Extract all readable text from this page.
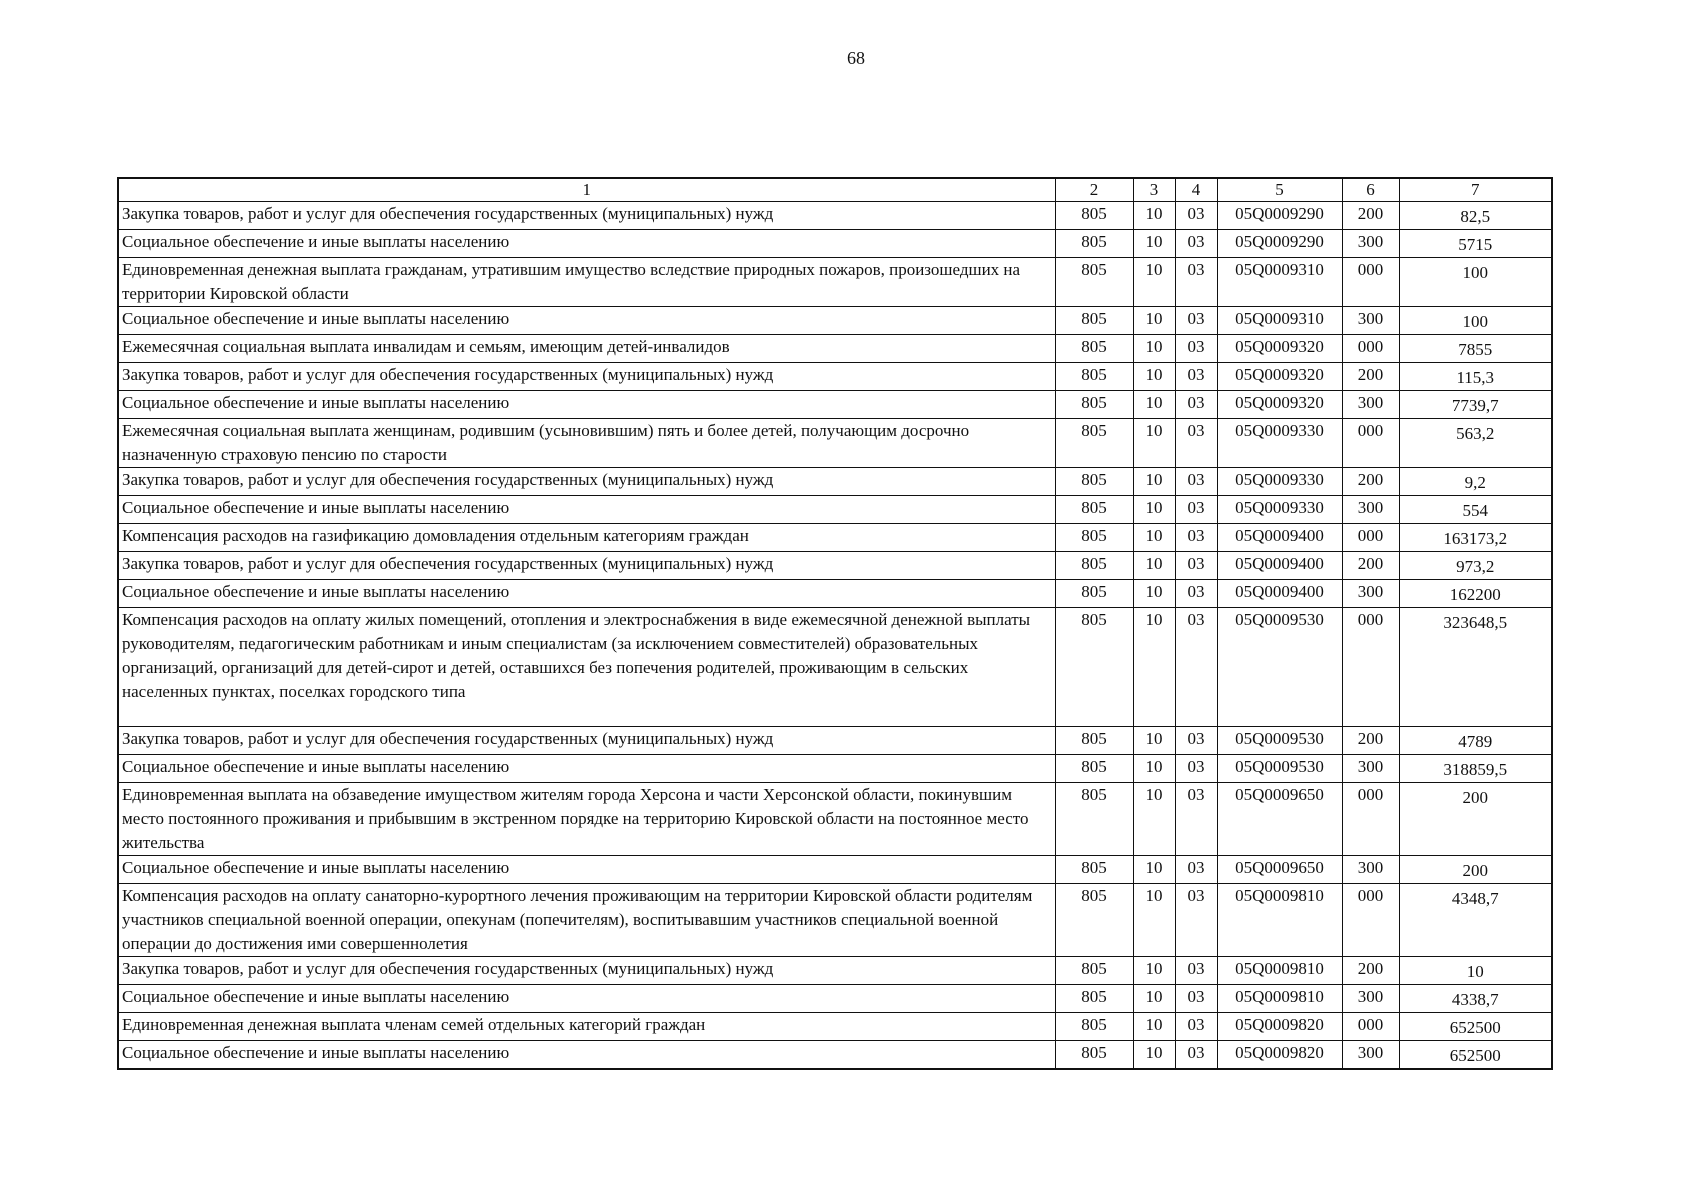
68
1	2	3	4	5	6	7
Закупка товаров, работ и услуг для обеспечения государственных (муниципальных) нужд	805	10	03	05Q0009290	200	82,5
Социальное обеспечение и иные выплаты населению	805	10	03	05Q0009290	300	5715
Единовременная денежная выплата гражданам, утратившим имущество вследствие природных пожаров, произошедших на территории Кировской области	805	10	03	05Q0009310	000	100
Социальное обеспечение и иные выплаты населению	805	10	03	05Q0009310	300	100
Ежемесячная социальная выплата инвалидам и семьям, имеющим детей-инвалидов	805	10	03	05Q0009320	000	7855
Закупка товаров, работ и услуг для обеспечения государственных (муниципальных) нужд	805	10	03	05Q0009320	200	115,3
Социальное обеспечение и иные выплаты населению	805	10	03	05Q0009320	300	7739,7
Ежемесячная социальная выплата женщинам, родившим (усыновившим) пять и более детей, получающим досрочно назначенную страховую пенсию по старости	805	10	03	05Q0009330	000	563,2
Закупка товаров, работ и услуг для обеспечения государственных (муниципальных) нужд	805	10	03	05Q0009330	200	9,2
Социальное обеспечение и иные выплаты населению	805	10	03	05Q0009330	300	554
Компенсация расходов на газификацию домовладения отдельным категориям граждан	805	10	03	05Q0009400	000	163173,2
Закупка товаров, работ и услуг для обеспечения государственных (муниципальных) нужд	805	10	03	05Q0009400	200	973,2
Социальное обеспечение и иные выплаты населению	805	10	03	05Q0009400	300	162200
Компенсация расходов на оплату жилых помещений, отопления и электроснабжения в виде ежемесячной денежной выплаты руководителям, педагогическим работникам и иным специалистам (за исключением совместителей) образовательных организаций, организаций для детей-сирот и детей, оставшихся без попечения родителей, проживающим в сельских населенных пунктах, поселках городского типа	805	10	03	05Q0009530	000	323648,5
Закупка товаров, работ и услуг для обеспечения государственных (муниципальных) нужд	805	10	03	05Q0009530	200	4789
Социальное обеспечение и иные выплаты населению	805	10	03	05Q0009530	300	318859,5
Единовременная выплата на обзаведение имуществом жителям города Херсона и части Херсонской области, покинувшим место постоянного проживания и прибывшим в экстренном порядке на территорию Кировской области на постоянное место жительства	805	10	03	05Q0009650	000	200
Социальное обеспечение и иные выплаты населению	805	10	03	05Q0009650	300	200
Компенсация расходов на оплату санаторно-курортного лечения проживающим на территории Кировской области родителям участников специальной военной операции, опекунам (попечителям), воспитывавшим участников специальной военной операции до достижения ими совершеннолетия	805	10	03	05Q0009810	000	4348,7
Закупка товаров, работ и услуг для обеспечения государственных (муниципальных) нужд	805	10	03	05Q0009810	200	10
Социальное обеспечение и иные выплаты населению	805	10	03	05Q0009810	300	4338,7
Единовременная денежная выплата членам семей отдельных категорий граждан	805	10	03	05Q0009820	000	652500
Социальное обеспечение и иные выплаты населению	805	10	03	05Q0009820	300	652500
